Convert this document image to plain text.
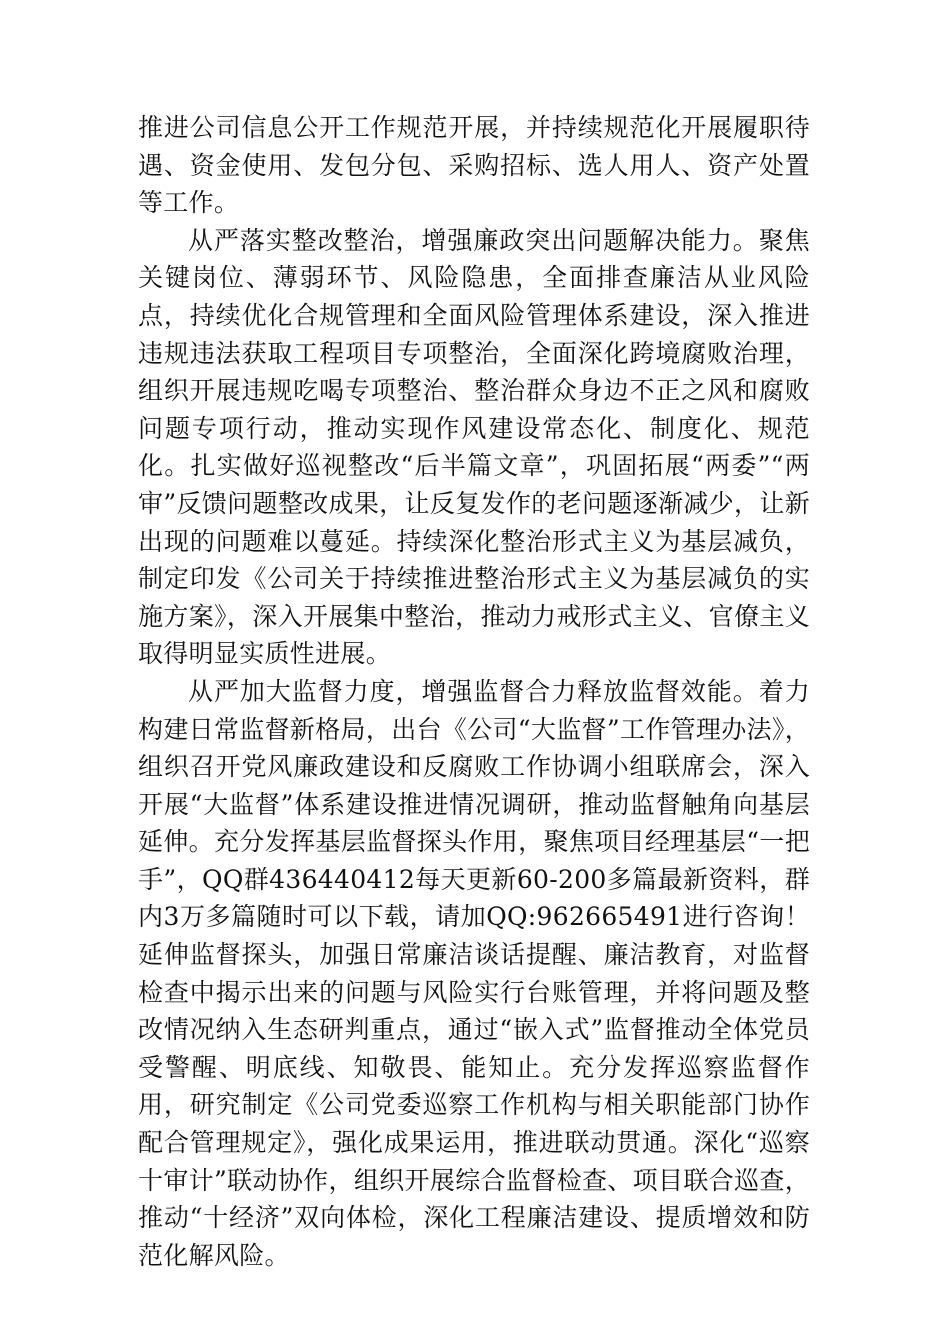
推进公司信息公开工作规范开展，并持续规范化开展履职待遇、资金使用、发包分包、采购招标、选人用人、资产处置等工作。

从严落实整改整治，增强廉政突出问题解决能力。聚焦关键岗位、薄弱环节、风险隐患，全面排查廉洁从业风险点，持续优化合规管理和全面风险管理体系建设，深入推进违规违法获取工程项目专项整治，全面深化跨境腐败治理，组织开展违规吃喝专项整治、整治群众身边不正之风和腐败问题专项行动，推动实现作风建设常态化、制度化、规范化。扎实做好巡视整改“后半篇文章”，巩固拓展“两委”“两审”反馈问题整改成果，让反复发作的老问题逐渐减少，让新出现的问题难以蔓延。持续深化整治形式主义为基层减负，制定印发《公司关于持续推进整治形式主义为基层减负的实施方案》，深入开展集中整治，推动力戒形式主义、官僚主义取得明显实质性进展。

从严加大监督力度，增强监督合力释放监督效能。着力构建日常监督新格局，出台《公司“大监督”工作管理办法》，组织召开党风廉政建设和反腐败工作协调小组联席会，深入开展“大监督”体系建设推进情况调研，推动监督触角向基层延伸。充分发挥基层监督探头作用，聚焦项目经理基层“一把手”，QQ群436440412每天更新60-200多篇最新资料，群内3万多篇随时可以下载，请加QQ:962665491进行咨询！延伸监督探头，加强日常廉洁谈话提醒、廉洁教育，对监督检查中揭示出来的问题与风险实行台账管理，并将问题及整改情况纳入生态研判重点，通过“嵌入式”监督推动全体党员受警醒、明底线、知敬畏、能知止。充分发挥巡察监督作用，研究制定《公司党委巡察工作机构与相关职能部门协作配合管理规定》，强化成果运用，推进联动贯通。深化“巡察十审计”联动协作，组织开展综合监督检查、项目联合巡查，推动“十经济”双向体检，深化工程廉洁建设、提质增效和防范化解风险。
